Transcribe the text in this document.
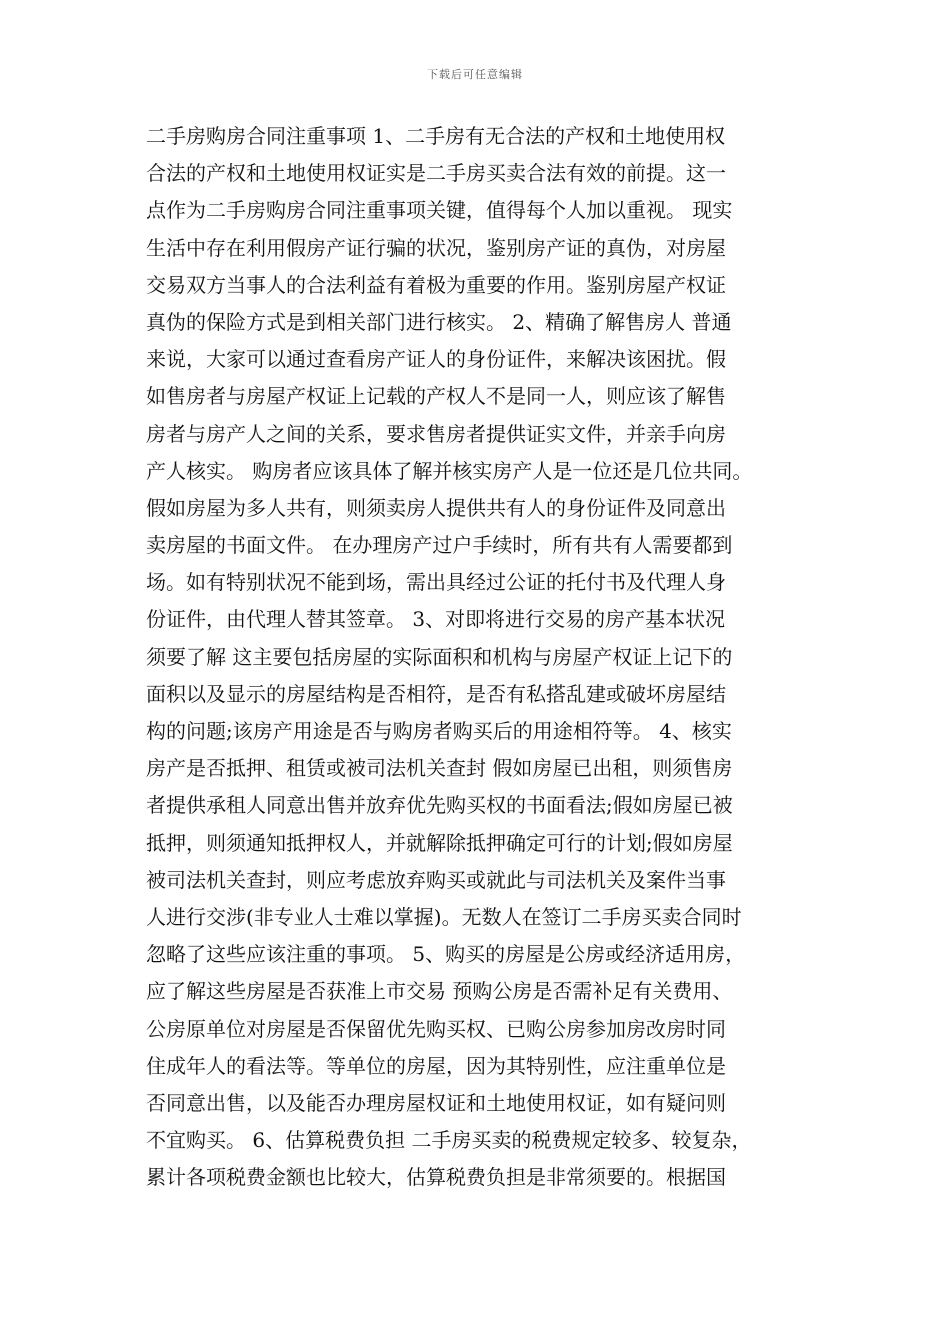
下载后可任意编辑
二手房购房合同注重事项 1、二手房有无合法的产权和土地使用权
合法的产权和土地使用权证实是二手房买卖合法有效的前提。这一
点作为二手房购房合同注重事项关键，值得每个人加以重视。 现实
生活中存在利用假房产证行骗的状况，鉴别房产证的真伪，对房屋
交易双方当事人的合法利益有着极为重要的作用。鉴别房屋产权证
真伪的保险方式是到相关部门进行核实。 2、精确了解售房人 普通
来说，大家可以通过查看房产证人的身份证件，来解决该困扰。假
如售房者与房屋产权证上记载的产权人不是同一人，则应该了解售
房者与房产人之间的关系，要求售房者提供证实文件，并亲手向房
产人核实。 购房者应该具体了解并核实房产人是一位还是几位共同。
假如房屋为多人共有，则须卖房人提供共有人的身份证件及同意出
卖房屋的书面文件。 在办理房产过户手续时，所有共有人需要都到
场。如有特别状况不能到场，需出具经过公证的托付书及代理人身
份证件，由代理人替其签章。 3、对即将进行交易的房产基本状况
须要了解 这主要包括房屋的实际面积和机构与房屋产权证上记下的
面积以及显示的房屋结构是否相符，是否有私搭乱建或破坏房屋结
构的问题;该房产用途是否与购房者购买后的用途相符等。 4、核实
房产是否抵押、租赁或被司法机关查封 假如房屋已出租，则须售房
者提供承租人同意出售并放弃优先购买权的书面看法;假如房屋已被
抵押，则须通知抵押权人，并就解除抵押确定可行的计划;假如房屋
被司法机关查封，则应考虑放弃购买或就此与司法机关及案件当事
人进行交涉(非专业人士难以掌握)。无数人在签订二手房买卖合同时
忽略了这些应该注重的事项。 5、购买的房屋是公房或经济适用房，
应了解这些房屋是否获准上市交易 预购公房是否需补足有关费用、
公房原单位对房屋是否保留优先购买权、已购公房参加房改房时同
住成年人的看法等。等单位的房屋，因为其特别性，应注重单位是
否同意出售，以及能否办理房屋权证和土地使用权证，如有疑问则
不宜购买。 6、估算税费负担 二手房买卖的税费规定较多、较复杂，
累计各项税费金额也比较大，估算税费负担是非常须要的。根据国
